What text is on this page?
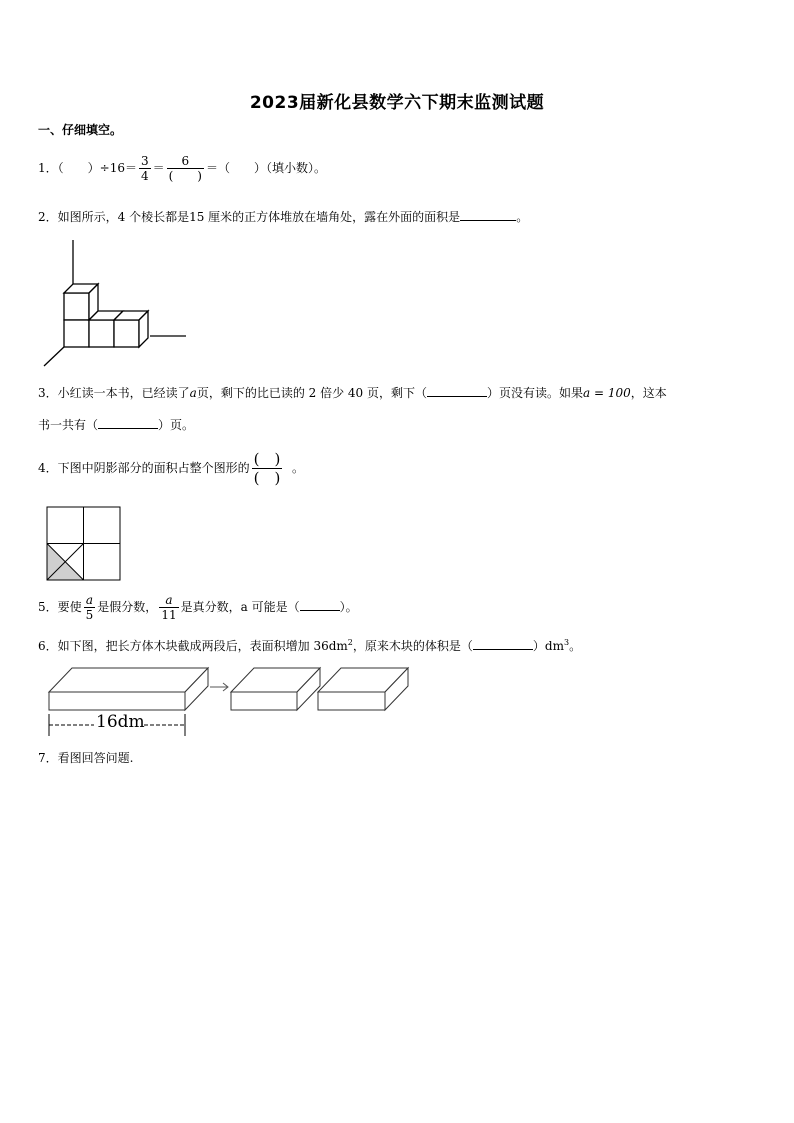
2023届新化县数学六下期末监测试题
一、仔细填空。
1．（　　）$\div 16= \frac{3}{4} = \frac{6}{( )}$ ＝（　　）（填小数）。
2．如图所示，4 个棱长都是15 厘米的正方体堆放在墙角处，露在外面的面积是	。
3．小红读一本书，已经读了a页，剩下的比已读的 2 倍少 40 页，剩下（	）页没有读。如果a = 100，这本
书一共有（	）页。
4．下图中阴影部分的面积占整个图形的 $\frac{( )}{( )}$ 。
5．要使 $\frac{a}{5}$ 是假分数， $\frac{a}{11}$ 是真分数，a 可能是（	）。
6．如下图，把长方体木块截成两段后，表面积增加 $36dm^2$，原来木块的体积是（	）$dm^3$。
16dm
7．看图回答问题.
